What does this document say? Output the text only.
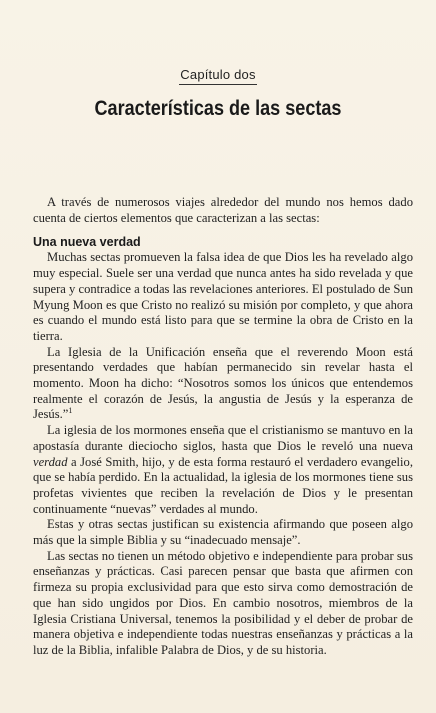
Capítulo dos
Características de las sectas

A través de numerosos viajes alrededor del mundo nos hemos dado cuenta de ciertos elementos que caracterizan a las sectas:

Una nueva verdad

Muchas sectas promueven la falsa idea de que Dios les ha revelado algo muy especial. Suele ser una verdad que nunca antes ha sido revelada y que supera y contradice a todas las revelaciones anteriores. El postulado de Sun Myung Moon es que Cristo no realizó su misión por completo, y que ahora es cuando el mundo está listo para que se termine la obra de Cristo en la tierra.

La Iglesia de la Unificación enseña que el reverendo Moon está presentando verdades que habían permanecido sin revelar hasta el momento. Moon ha dicho: “Nosotros somos los únicos que entendemos realmente el corazón de Jesús, la angustia de Jesús y la esperanza de Jesús.”$^1$

La iglesia de los mormones enseña que el cristianismo se mantuvo en la apostasía durante dieciocho siglos, hasta que Dios le reveló una nueva verdad a José Smith, hijo, y de esta forma restauró el verdadero evangelio, que se había perdido. En la actualidad, la iglesia de los mormones tiene sus profetas vivientes que reciben la revelación de Dios y le presentan continuamente “nuevas” verdades al mundo.

Estas y otras sectas justifican su existencia afirmando que poseen algo más que la simple Biblia y su “inadecuado mensaje”.

Las sectas no tienen un método objetivo e independiente para probar sus enseñanzas y prácticas. Casi parecen pensar que basta que afirmen con firmeza su propia exclusividad para que esto sirva como demostración de que han sido ungidos por Dios. En cambio nosotros, miembros de la Iglesia Cristiana Universal, tenemos la posibilidad y el deber de probar de manera objetiva e independiente todas nuestras enseñanzas y prácticas a la luz de la Biblia, infalible Palabra de Dios, y de su historia.
